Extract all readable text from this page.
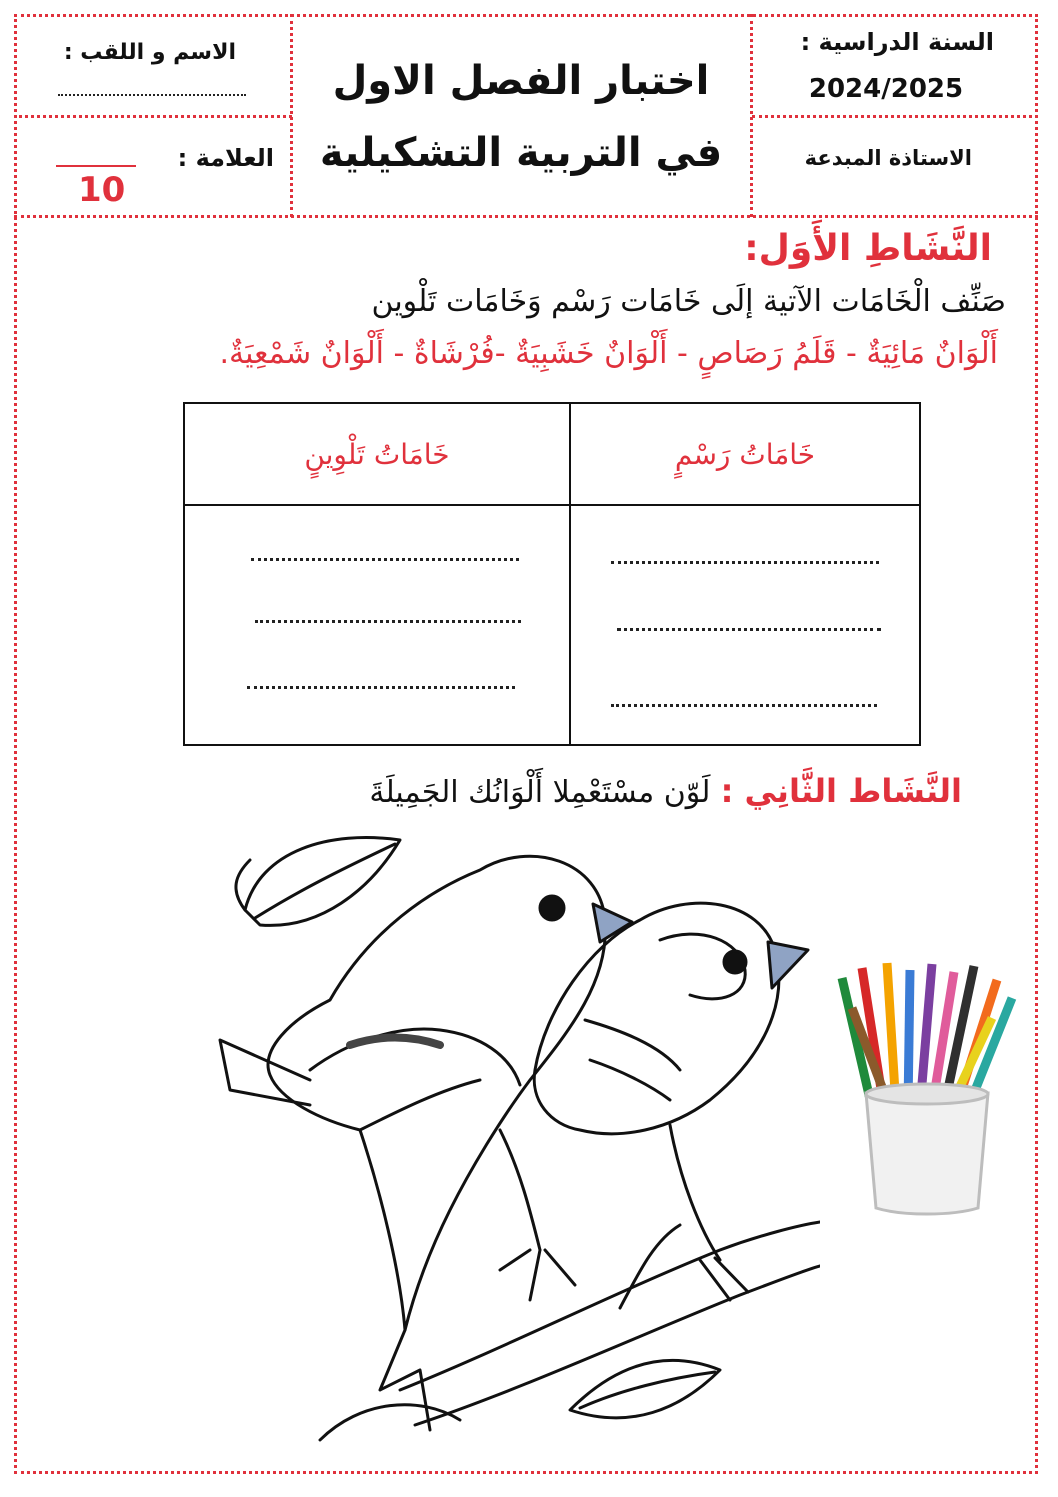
الاسم و اللقب :
العلامة :
10
اختبار الفصل الاول
في التربية التشكيلية
السنة الدراسية :
2024/2025
الاستاذة المبدعة
النَّشَاطِ الأَوَل:
صَنِّف الْخَامَات الآتية إلَى خَامَات رَسْم وَخَامَات تَلْوين
أَلْوَانٌ مَائِيَةٌ - قَلَمُ رَصَاصٍ - أَلْوَانٌ خَشَبِيَةٌ -فُرْشَاةٌ - أَلْوَانٌ شَمْعِيَةٌ.
خَامَاتُ رَسْمٍ	خَامَاتُ تَلْوِينٍ

النَّشَاط الثَّانِي : لَوّن مسْتَعْمِلا أَلْوَانُك الجَمِيلَةَ
